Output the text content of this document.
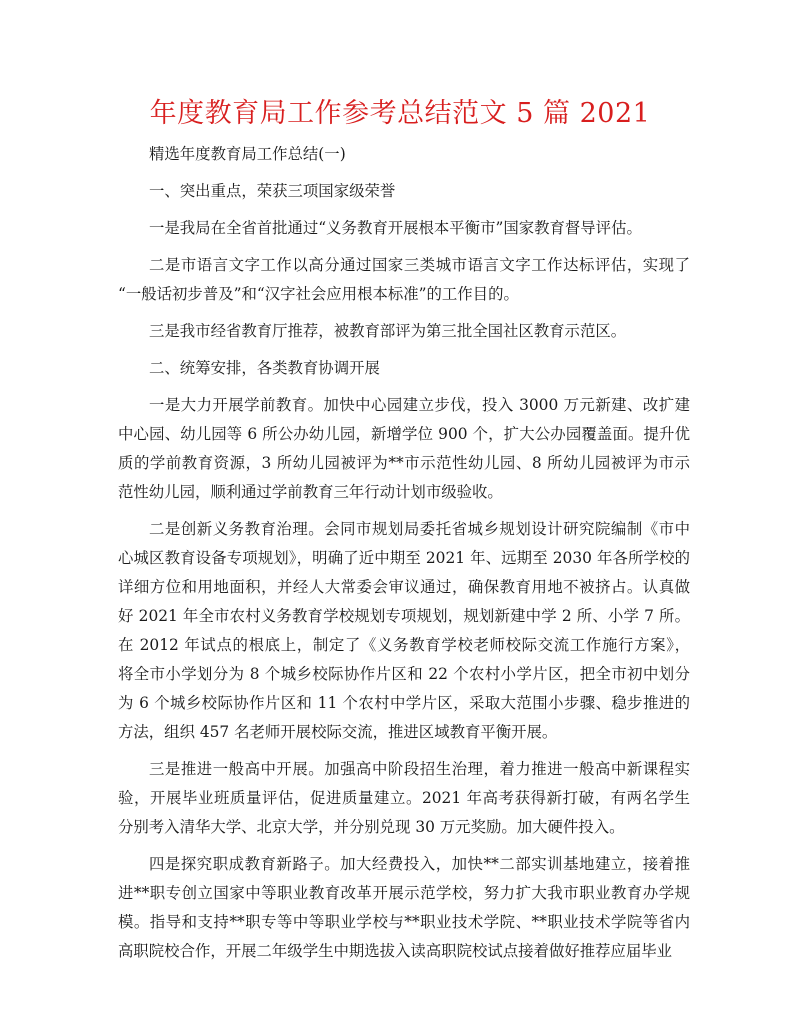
年度教育局工作参考总结范文 5 篇 2021

精选年度教育局工作总结(一)

一、突出重点，荣获三项国家级荣誉

一是我局在全省首批通过“义务教育开展根本平衡市”国家教育督导评估。

二是市语言文字工作以高分通过国家三类城市语言文字工作达标评估，实现了
“一般话初步普及”和“汉字社会应用根本标准”的工作目的。

三是我市经省教育厅推荐，被教育部评为第三批全国社区教育示范区。

二、统筹安排，各类教育协调开展

一是大力开展学前教育。加快中心园建立步伐，投入 3000 万元新建、改扩建
中心园、幼儿园等 6 所公办幼儿园，新增学位 900 个，扩大公办园覆盖面。提升优
质的学前教育资源，3 所幼儿园被评为**市示范性幼儿园、8 所幼儿园被评为市示
范性幼儿园，顺利通过学前教育三年行动计划市级验收。

二是创新义务教育治理。会同市规划局委托省城乡规划设计研究院编制《市中
心城区教育设备专项规划》，明确了近中期至 2021 年、远期至 2030 年各所学校的
详细方位和用地面积，并经人大常委会审议通过，确保教育用地不被挤占。认真做
好 2021 年全市农村义务教育学校规划专项规划，规划新建中学 2 所、小学 7 所。
在 2012 年试点的根底上，制定了《义务教育学校老师校际交流工作施行方案》，
将全市小学划分为 8 个城乡校际协作片区和 22 个农村小学片区，把全市初中划分
为 6 个城乡校际协作片区和 11 个农村中学片区，采取大范围小步骤、稳步推进的
方法，组织 457 名老师开展校际交流，推进区域教育平衡开展。

三是推进一般高中开展。加强高中阶段招生治理，着力推进一般高中新课程实
验，开展毕业班质量评估，促进质量建立。2021 年高考获得新打破，有两名学生
分别考入清华大学、北京大学，并分别兑现 30 万元奖励。加大硬件投入。

四是探究职成教育新路子。加大经费投入，加快**二部实训基地建立，接着推
进**职专创立国家中等职业教育改革开展示范学校，努力扩大我市职业教育办学规
模。指导和支持**职专等中等职业学校与**职业技术学院、**职业技术学院等省内
高职院校合作，开展二年级学生中期选拔入读高职院校试点接着做好推荐应届毕业
